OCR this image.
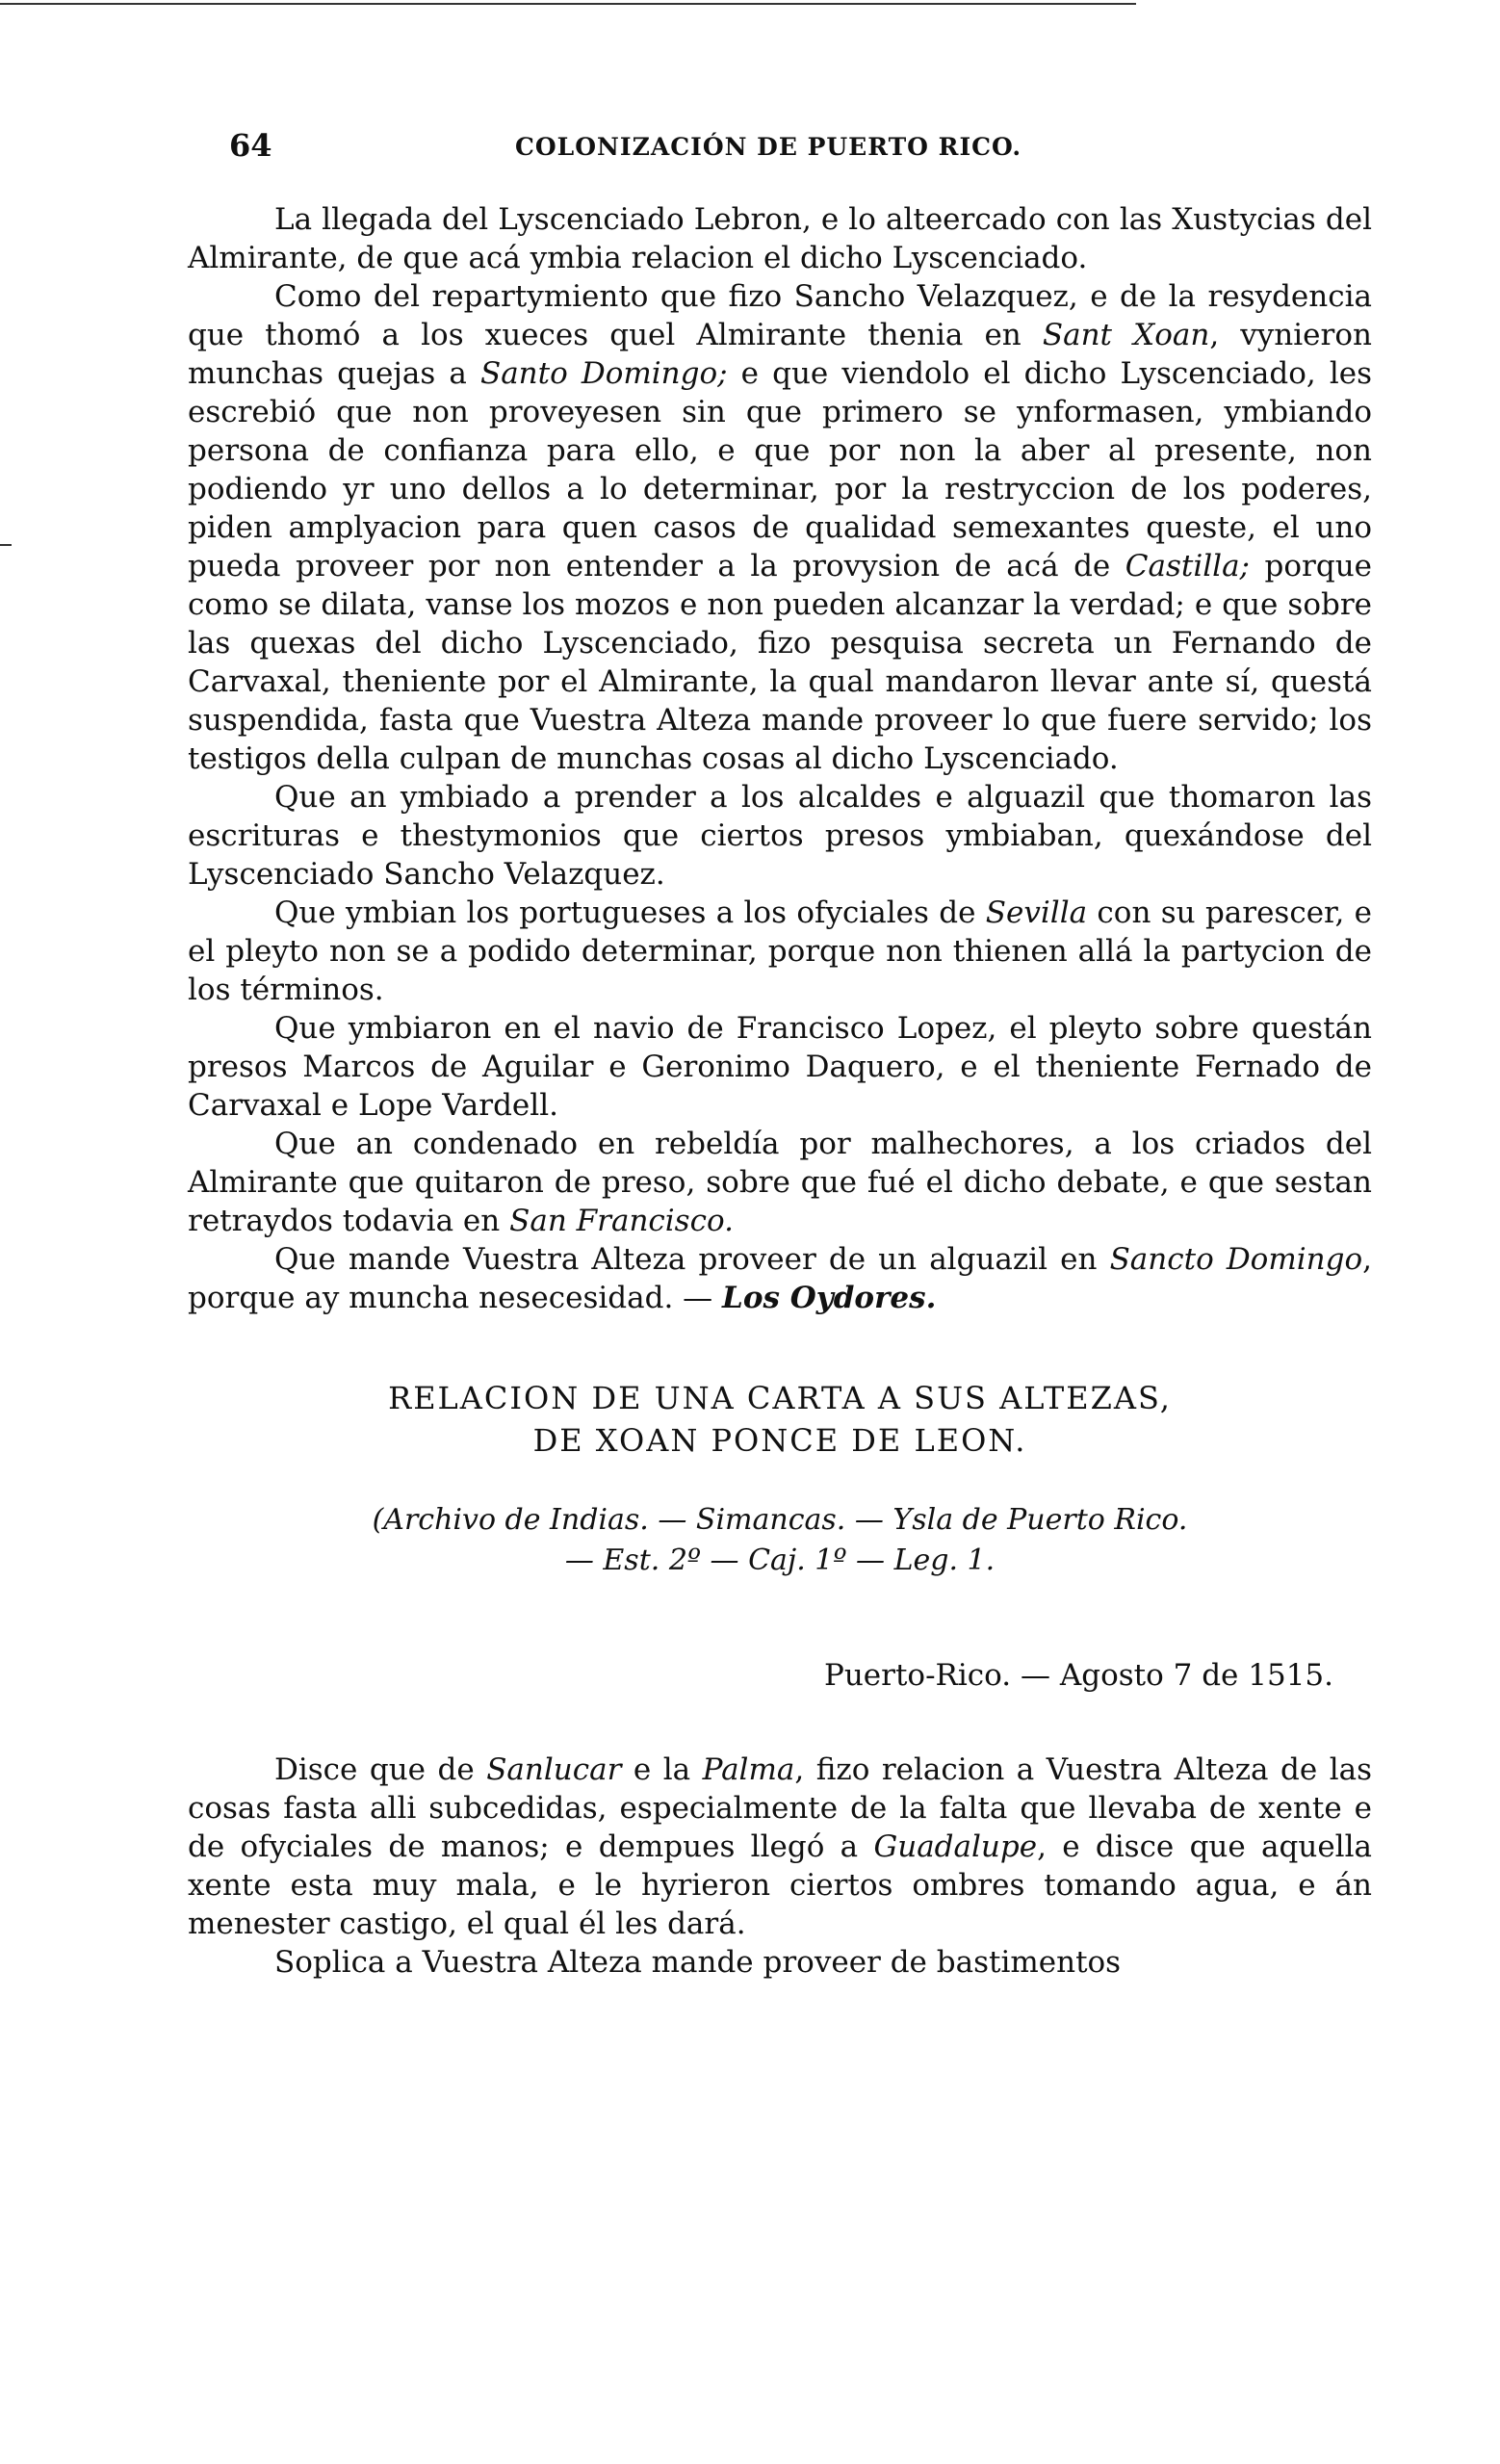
64	COLONIZACIÓN DE PUERTO RICO.

La llegada del Lyscenciado Lebron, e lo alteercado con las Xustycias del Almirante, de que acá ymbia relacion el dicho Lyscenciado.

Como del repartymiento que fizo Sancho Velazquez, e de la resydencia que thomó a los xueces quel Almirante thenia en Sant Xoan, vynieron munchas quejas a Santo Domingo; e que viendolo el dicho Lyscenciado, les escrebió que non proveyesen sin que primero se ynformasen, ymbiando persona de confianza para ello, e que por non la aber al presente, non podiendo yr uno dellos a lo determinar, por la restryccion de los poderes, piden amplyacion para quen casos de qualidad semexantes queste, el uno pueda proveer por non entender a la provysion de acá de Castilla; porque como se dilata, vanse los mozos e non pueden alcanzar la verdad; e que sobre las quexas del dicho Lyscenciado, fizo pesquisa secreta un Fernando de Carvaxal, theniente por el Almirante, la qual mandaron llevar ante sí, questá suspendida, fasta que Vuestra Alteza mande proveer lo que fuere servido; los testigos della culpan de munchas cosas al dicho Lyscenciado.

Que an ymbiado a prender a los alcaldes e alguazil que thomaron las escrituras e thestymonios que ciertos presos ymbiaban, quexándose del Lyscenciado Sancho Velazquez.

Que ymbian los portugueses a los ofyciales de Sevilla con su parescer, e el pleyto non se a podido determinar, porque non thienen allá la partycion de los términos.

Que ymbiaron en el navio de Francisco Lopez, el pleyto sobre questán presos Marcos de Aguilar e Geronimo Daquero, e el theniente Fernado de Carvaxal e Lope Vardell.

Que an condenado en rebeldía por malhechores, a los criados del Almirante que quitaron de preso, sobre que fué el dicho debate, e que sestan retraydos todavia en San Francisco.

Que mande Vuestra Alteza proveer de un alguazil en Sancto Domingo, porque ay muncha nesecesidad. — Los Oydores.

RELACION DE UNA CARTA A SUS ALTEZAS,
DE XOAN PONCE DE LEON.
(Archivo de Indias. — Simancas. — Ysla de Puerto Rico.
— Est. 2º — Caj. 1º — Leg. 1.
Puerto-Rico. — Agosto 7 de 1515.

Disce que de Sanlucar e la Palma, fizo relacion a Vuestra Alteza de las cosas fasta alli subcedidas, especialmente de la falta que llevaba de xente e de ofyciales de manos; e dempues llegó a Guadalupe, e disce que aquella xente esta muy mala, e le hyrieron ciertos ombres tomando agua, e án menester castigo, el qual él les dará.

Soplica a Vuestra Alteza mande proveer de bastimentos
